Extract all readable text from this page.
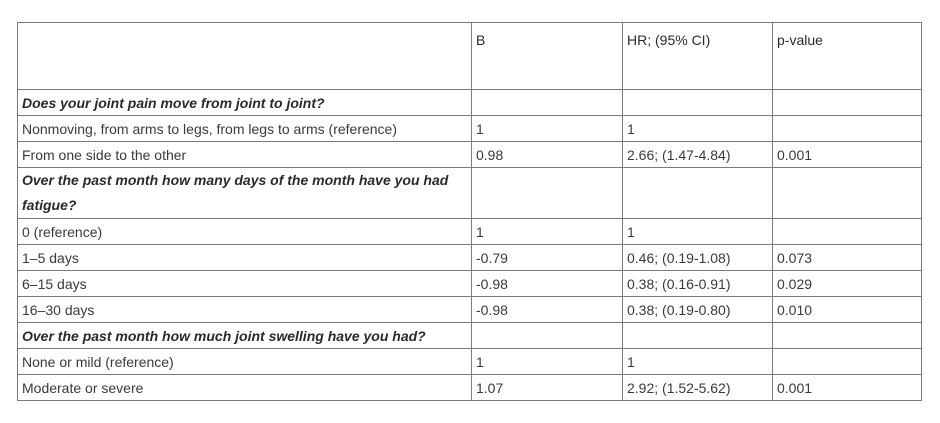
	B	HR; (95% CI)	p-value
Does your joint pain move from joint to joint?			
Nonmoving, from arms to legs, from legs to arms (reference)	1	1	
From one side to the other	0.98	2.66; (1.47-4.84)	0.001
Over the past month how many days of the month have you had fatigue?			
0 (reference)	1	1	
1–5 days	-0.79	0.46; (0.19-1.08)	0.073
6–15 days	-0.98	0.38; (0.16-0.91)	0.029
16–30 days	-0.98	0.38; (0.19-0.80)	0.010
Over the past month how much joint swelling have you had?			
None or mild (reference)	1	1	
Moderate or severe	1.07	2.92; (1.52-5.62)	0.001
